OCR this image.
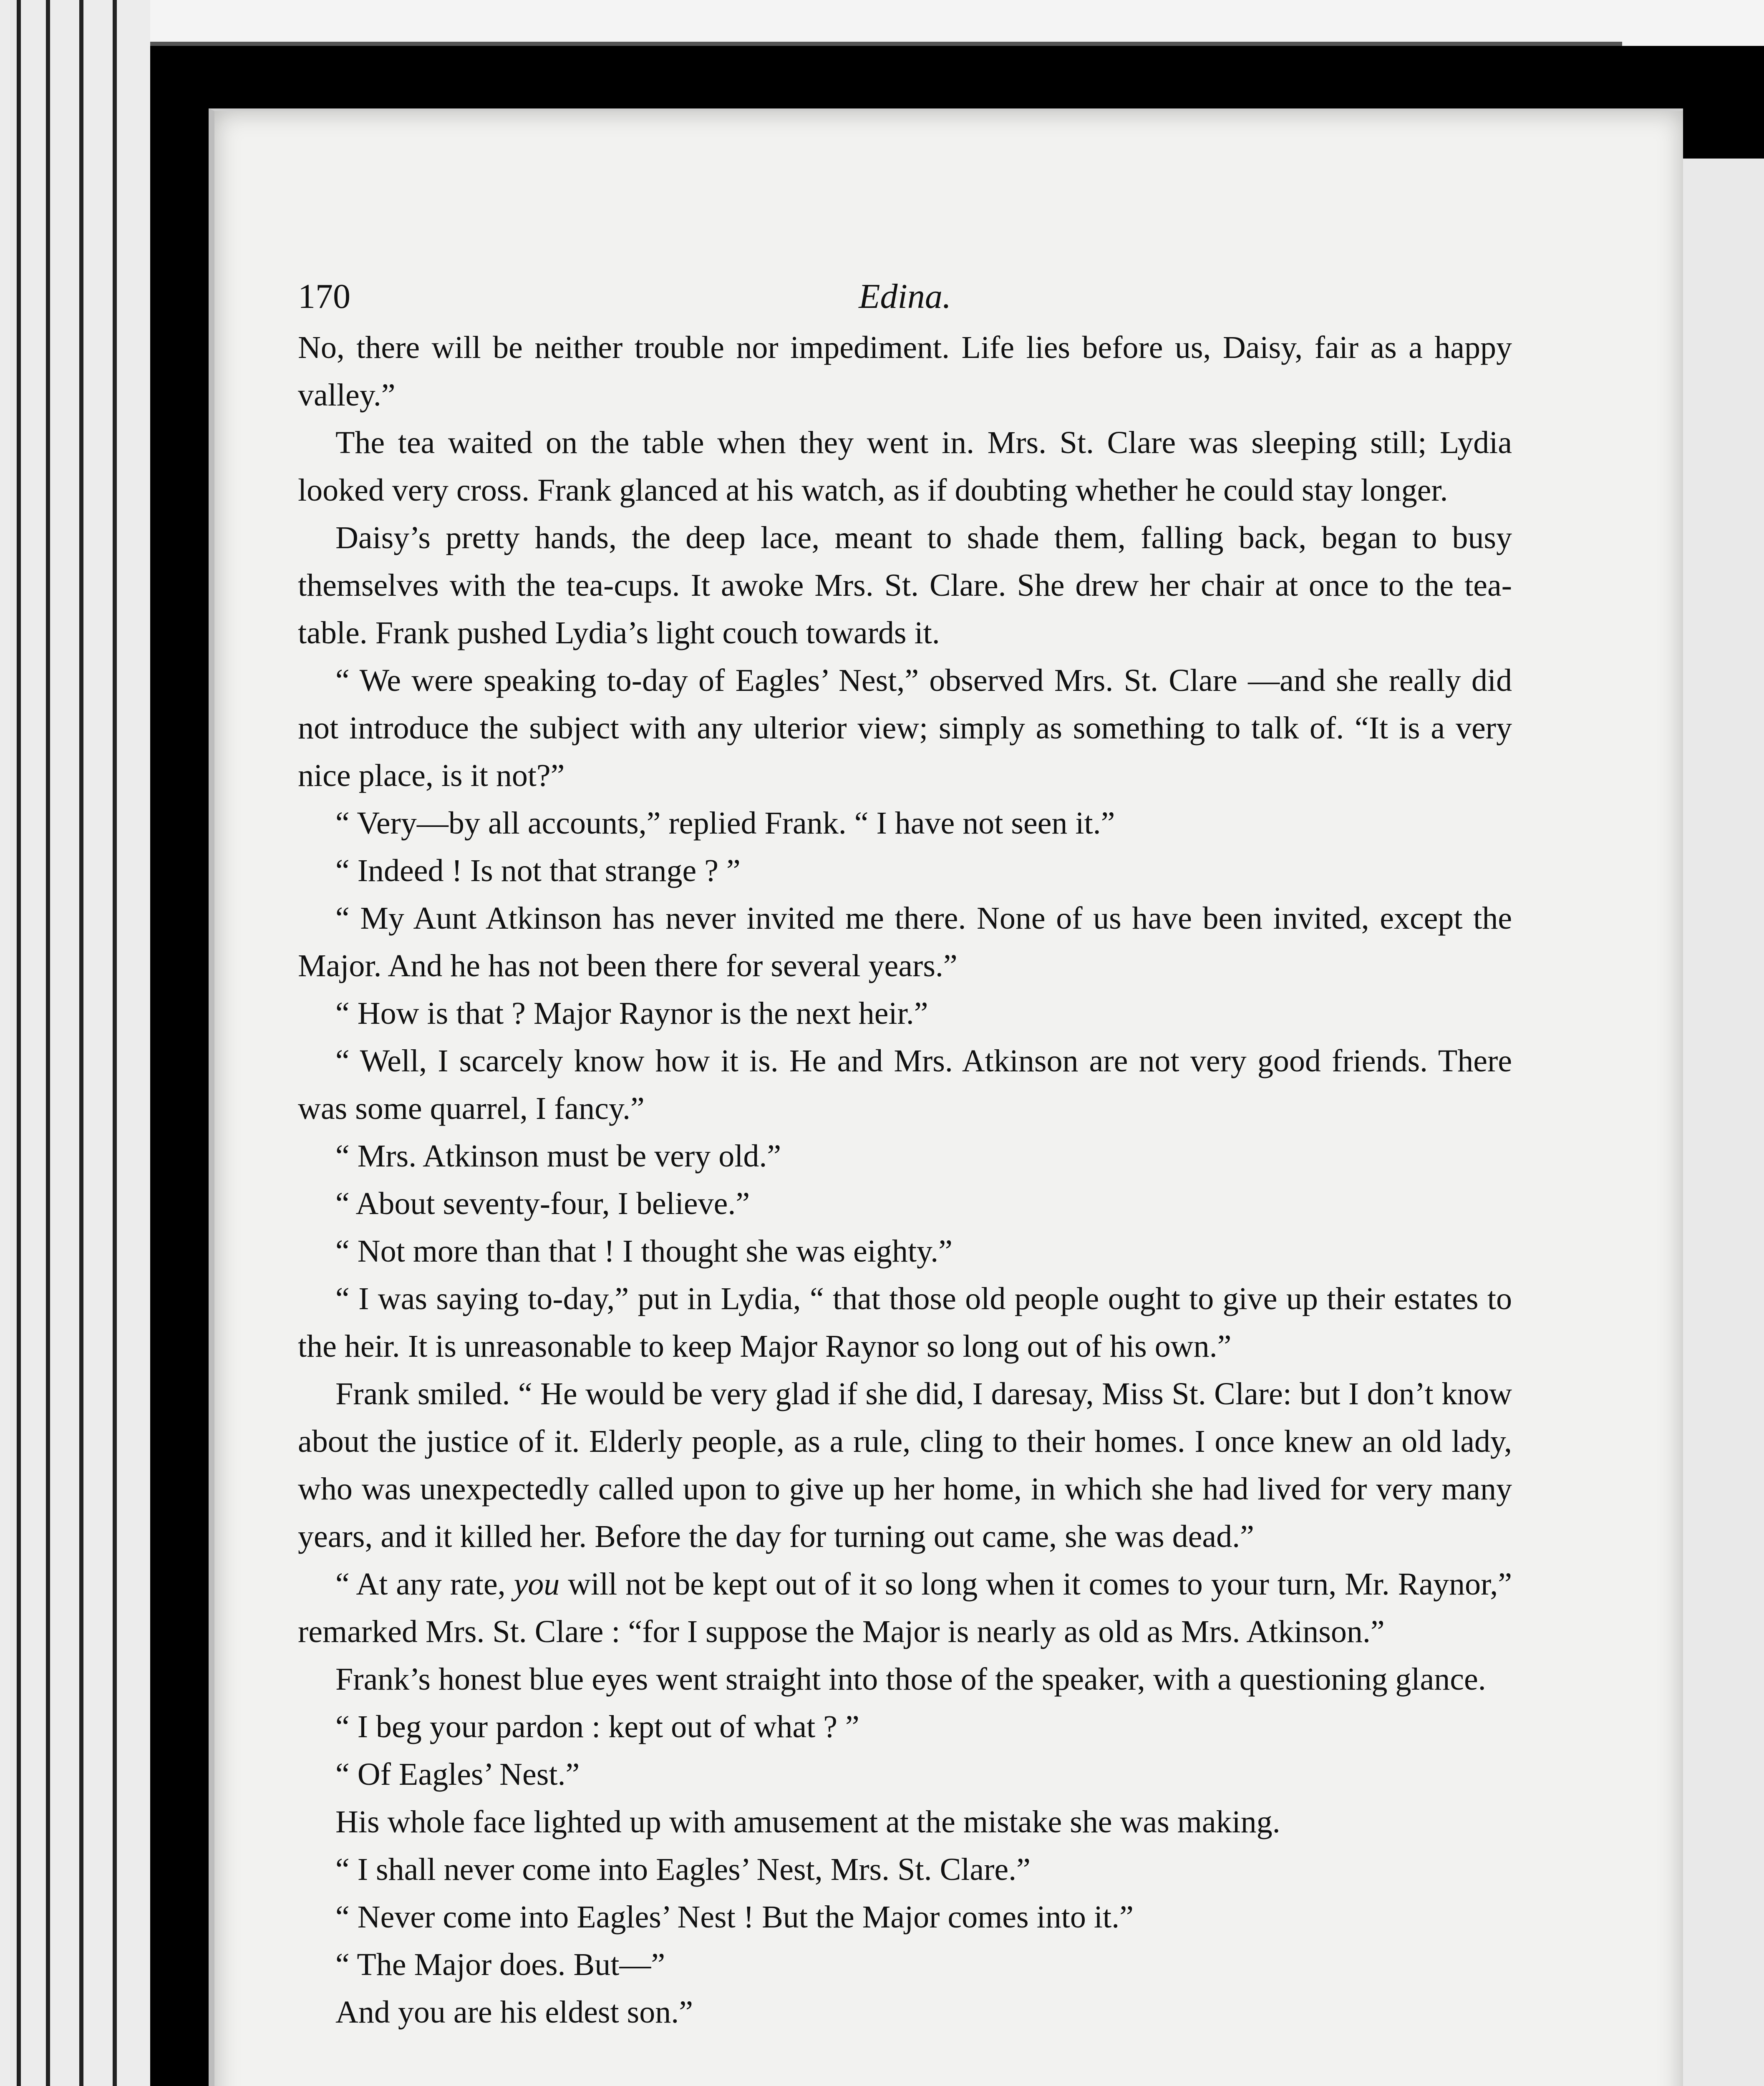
170	Edina.

No, there will be neither trouble nor impediment. Life lies before us, Daisy, fair as a happy valley.”

The tea waited on the table when they went in. Mrs. St. Clare was sleeping still; Lydia looked very cross. Frank glanced at his watch, as if doubting whether he could stay longer.

Daisy’s pretty hands, the deep lace, meant to shade them, falling back, began to busy themselves with the tea-cups. It awoke Mrs. St. Clare. She drew her chair at once to the tea-table. Frank pushed Lydia’s light couch towards it.

“ We were speaking to-day of Eagles’ Nest,” observed Mrs. St. Clare —and she really did not introduce the subject with any ulterior view; simply as something to talk of. “It is a very nice place, is it not?”

“ Very—by all accounts,” replied Frank. “ I have not seen it.”

“ Indeed ! Is not that strange ? ”

“ My Aunt Atkinson has never invited me there. None of us have been invited, except the Major. And he has not been there for several years.”

“ How is that ? Major Raynor is the next heir.”

“ Well, I scarcely know how it is. He and Mrs. Atkinson are not very good friends. There was some quarrel, I fancy.”

“ Mrs. Atkinson must be very old.”

“ About seventy-four, I believe.”

“ Not more than that ! I thought she was eighty.”

“ I was saying to-day,” put in Lydia, “ that those old people ought to give up their estates to the heir. It is unreasonable to keep Major Raynor so long out of his own.”

Frank smiled. “ He would be very glad if she did, I daresay, Miss St. Clare: but I don’t know about the justice of it. Elderly people, as a rule, cling to their homes. I once knew an old lady, who was unexpectedly called upon to give up her home, in which she had lived for very many years, and it killed her. Before the day for turning out came, she was dead.”

“ At any rate, you will not be kept out of it so long when it comes to your turn, Mr. Raynor,” remarked Mrs. St. Clare : “for I suppose the Major is nearly as old as Mrs. Atkinson.”

Frank’s honest blue eyes went straight into those of the speaker, with a questioning glance.

“ I beg your pardon : kept out of what ? ”

“ Of Eagles’ Nest.”

His whole face lighted up with amusement at the mistake she was making.

“ I shall never come into Eagles’ Nest, Mrs. St. Clare.”

“ Never come into Eagles’ Nest ! But the Major comes into it.”

“ The Major does. But—”

And you are his eldest son.”
